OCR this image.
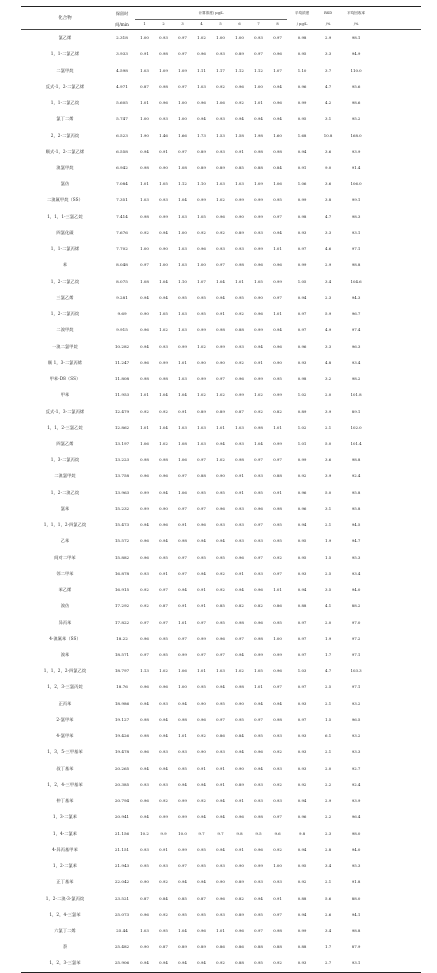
化合物	保留时	计算浓度/ μg/L								平均浓度	RSD	平均回收率	
	间/min	1	2	3	4	5	6	7	8	/ μg/L	/%	/%	
氯乙烯	2.318	1.00	0.93	0.97	1.02	1.00	1.00	0.93	0.97	0.98	2.9	98.1	
1，1-二氯乙烯	3.933	0.91	0.98	0.97	0.96	0.93	0.89	0.97	0.96	0.95	3.3	94.9	
二氯甲烷	4.598	1.03	1.09	1.09	1.11	1.17	1.12	1.12	1.07	1.10	3.7	110.0	
反式-1，2-二氯乙烯	4.971	0.87	0.98	0.97	1.03	0.92	0.96	1.00	0.94	0.96	4.7	95.6	
1，1-二氯乙烷	5.605	1.01	0.96	1.00	0.96	1.06	0.92	1.01	0.96	0.99	4.2	98.6	
氯丁二烯	5.747	1.00	0.93	1.00	0.94	0.93	0.94	0.94	0.94	0.95	3.1	95.2	
2，2-二氯丙烷	6.523	1.90	1.46	1.66	1.73	1.53	1.58	1.98	1.60	1.68	10.8	168.0	
顺式-1，2-二氯乙烯	6.558	0.94	0.91	0.97	0.89	0.93	0.91	0.98	0.98	0.94	3.6	93.9	
溴氯甲烷	6.942	0.98	0.90	1.08	0.89	0.89	0.85	0.88	0.84	0.91	9.0	91.4	
氯仿	7.084	1.01	1.05	1.12	1.10	1.03	1.03	1.09	1.06	1.06	3.6	106.0	
二溴氟甲烷（SS）	7.351	1.03	0.93	1.04	0.99	1.02	0.99	0.99	0.95	0.99	3.8	99.1	
1，1，1-三氯乙烷	7.414	0.98	0.99	1.03	1.05	0.96	0.90	0.99	0.97	0.98	4.7	98.3	
四氯化碳	7.676	0.92	0.94	1.00	0.92	0.92	0.89	0.93	0.94	0.93	3.3	93.1	
1，1-二氯丙烯	7.702	1.00	0.90	1.03	0.96	0.93	0.93	0.99	1.01	0.97	4.6	97.1	
苯	8.048	0.97	1.00	1.03	1.00	0.97	0.98	0.96	0.96	0.99	2.9	98.8	
1，2-二氯乙烷	8.075	1.08	1.04	1.10	1.07	1.04	1.01	1.05	0.99	1.05	3.4	104.6	
三氯乙烯	9.281	0.94	0.94	0.95	0.95	0.94	0.95	0.90	0.97	0.94	2.3	94.3	
1，2-二氯丙烷	9.69	0.90	1.05	1.03	0.95	0.91	0.92	0.96	1.01	0.97	5.9	96.7	
二溴甲烷	9.915	0.96	1.02	1.03	0.99	0.98	0.88	0.99	0.94	0.97	4.9	97.4	
一溴二氯甲烷	10.282	0.94	0.93	0.99	1.02	0.99	0.93	0.94	0.96	0.96	3.3	96.3	
顺 1，3-二氯丙烯	11.247	0.96	0.99	1.01	0.90	0.90	0.92	0.91	0.90	0.93	4.8	93.4	
甲苯-D8（SS）	11.808	0.98	0.98	1.03	0.99	0.97	0.96	0.99	0.95	0.98	3.2	98.2	
甲苯	11.953	1.01	1.04	1.04	1.02	1.02	0.99	1.02	0.99	1.02	2.0	101.8	
反式-1，3-二氯丙烯	12.479	0.92	0.92	0.91	0.89	0.89	0.87	0.92	0.82	0.89	3.9	89.1	
1，1，2-三氯乙烷	12.862	1.01	1.04	1.03	1.03	1.01	1.03	0.98	1.01	1.02	2.1	102.0	
四氯乙烯	13.197	1.06	1.02	1.08	1.03	0.94	0.93	1.04	0.99	1.01	5.0	101.4	
1，3-二氯丙烷	13.223	0.98	0.98	1.06	0.97	1.02	0.98	0.97	0.97	0.99	3.6	98.8	
二溴氯甲烷	13.758	0.96	0.96	0.97	0.88	0.90	0.91	0.93	0.88	0.92	3.9	92.4	
1，2-二溴乙烷	13.963	0.99	0.94	1.06	0.95	0.95	0.91	0.95	0.91	0.96	5.0	95.8	
氯苯	15.232	0.99	0.90	0.97	0.97	0.96	0.93	0.96	0.98	0.96	3.1	95.8	
1，1，1，2-四氯乙烷	15.473	0.94	0.96	0.91	0.96	0.93	0.93	0.97	0.95	0.94	2.1	94.5	
乙苯	15.572	0.96	0.94	0.98	0.94	0.94	0.93	0.93	0.95	0.95	1.9	94.7	
间对二甲苯	15.882	0.96	0.95	0.97	0.95	0.95	0.96	0.97	0.92	0.95	1.5	95.3	
邻二甲苯	16.878	0.93	0.91	0.97	0.94	0.92	0.91	0.93	0.97	0.93	2.5	93.4	
苯乙烯	16.915	0.92	0.97	0.94	0.91	0.92	0.94	0.96	1.01	0.94	3.5	94.0	
溴仿	17.292	0.92	0.87	0.91	0.91	0.85	0.82	0.82	0.86	0.88	4.1	88.2	
异丙苯	17.822	0.97	0.97	1.01	0.97	0.95	0.98	0.96	0.95	0.97	2.0	97.0	
4-溴氟苯（SS）	18.22	0.96	0.95	0.97	0.99	0.96	0.97	0.98	1.00	0.97	1.9	97.2	
溴苯	18.571	0.97	0.95	0.99	0.97	0.97	0.94	0.99	0.99	0.97	1.7	97.1	
1，1，2，2-四氯乙烷	18.797	1.13	1.02	1.06	1.01	1.03	1.02	1.05	0.96	1.03	4.7	103.3	
1，2，3-三氯丙烷	18.76	0.96	0.96	1.00	0.95	0.94	0.98	1.01	0.97	0.97	2.5	97.1	
正丙苯	18.986	0.94	0.93	0.94	0.90	0.95	0.90	0.94	0.94	0.93	2.1	93.2	
2-氯甲苯	19.127	0.98	0.94	0.98	0.96	0.97	0.95	0.97	0.98	0.97	1.5	96.5	
4-氯甲苯	19.426	0.98	0.94	1.01	0.92	0.86	0.84	0.95	0.93	0.93	6.1	93.2	
1，3，5-三甲基苯	19.478	0.96	0.93	0.93	0.90	0.93	0.94	0.96	0.92	0.93	2.1	93.3	
叔丁基苯	20.265	0.94	0.94	0.95	0.91	0.91	0.90	0.94	0.93	0.93	2.0	92.7	
1，2，4-三甲基苯	20.385	0.93	0.93	0.94	0.94	0.91	0.89	0.93	0.92	0.92	2.2	92.4	
仲丁基苯	20.794	0.96	0.92	0.99	0.92	0.94	0.91	0.93	0.93	0.94	2.9	93.9	
1，3-二氯苯	20.941	0.94	0.99	0.99	0.94	0.94	0.96	0.98	0.97	0.96	2.2	96.4	
1，4-二氯苯	21.156	10.2	9.9	10.0	9.7	9.7	9.8	9.5	9.6	9.8	2.3	98.0	
4-异丙基甲苯	21.151	0.93	0.91	0.99	0.95	0.94	0.91	0.96	0.92	0.94	2.8	94.0	
1，2-二氯苯	21.943	0.95	0.93	0.97	0.95	0.93	0.90	0.99	1.00	0.95	3.4	95.3	
正丁基苯	22.042	0.90	0.92	0.94	0.94	0.90	0.89	0.93	0.93	0.92	2.1	91.8	
1，2-二溴-3-氯丙烷	23.521	0.87	0.84	0.85	0.87	0.96	0.82	0.94	0.91	0.88	5.6	88.0	
1，2，4-三氯苯	25.073	0.96	0.92	0.95	0.95	0.93	0.89	0.95	0.97	0.94	2.6	94.1	
六氯丁二烯	25.44	1.03	0.95	1.04	0.96	1.01	0.96	0.97	0.98	0.99	3.4	98.8	
萘	25.482	0.90	0.87	0.89	0.89	0.86	0.86	0.88	0.88	0.88	1.7	87.9	
1，2，3-三氯苯	25.906	0.94	0.94	0.94	0.94	0.92	0.88	0.95	0.92	0.93	2.7	93.1	
